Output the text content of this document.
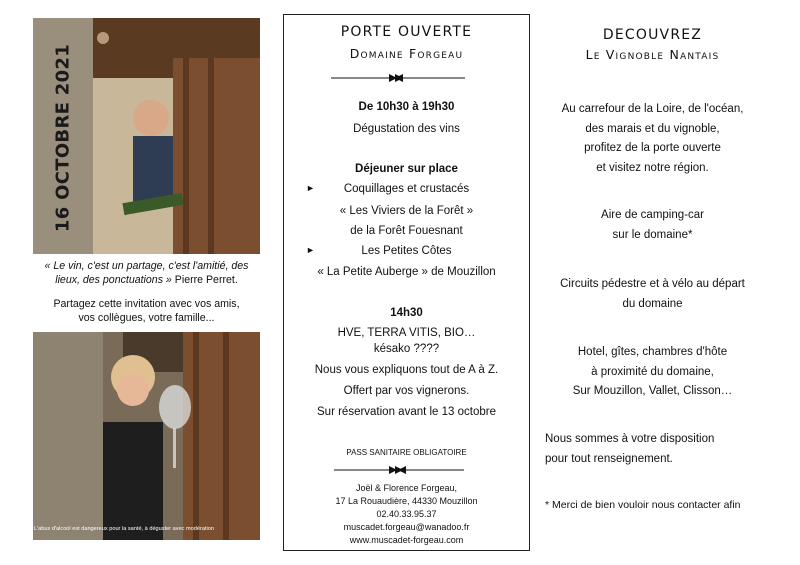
16 OCTOBRE 2021
« Le vin, c'est un partage, c'est l'amitié, des lieux, des ponctuations » Pierre Perret.
Partagez cette invitation avec vos amis,
vos collègues, votre famille...
L'abus d'alcool est dangereux pour la santé, à déguster avec modération
PORTE OUVERTE
Domaine Forgeau
De 10h30 à 19h30
Dégustation des vins
Déjeuner sur place
►	Coquillages et crustacés
« Les Viviers de la Forêt »
de la Forêt Fouesnant
►	Les Petites Côtes
« La Petite Auberge » de Mouzillon
14h30
HVE, TERRA VITIS, BIO…
késako ????
Nous vous expliquons tout de A à Z.
Offert par vos vignerons.
Sur réservation avant le 13 octobre
PASS SANITAIRE OBLIGATOIRE
Joël & Florence Forgeau,
17 La Rouaudière, 44330 Mouzillon
02.40.33.95.37
muscadet.forgeau@wanadoo.fr
www.muscadet-forgeau.com
DECOUVREZ
Le Vignoble Nantais
Au carrefour de la Loire, de l'océan,
des marais et du vignoble,
profitez de la porte ouverte
et visitez notre région.
Aire de camping-car
sur le domaine*
Circuits pédestre et à vélo au départ
du domaine
Hotel, gîtes, chambres d'hôte
à proximité du domaine,
Sur Mouzillon, Vallet, Clisson…
Nous sommes à votre disposition
pour tout renseignement.
* Merci de bien vouloir nous contacter afin
